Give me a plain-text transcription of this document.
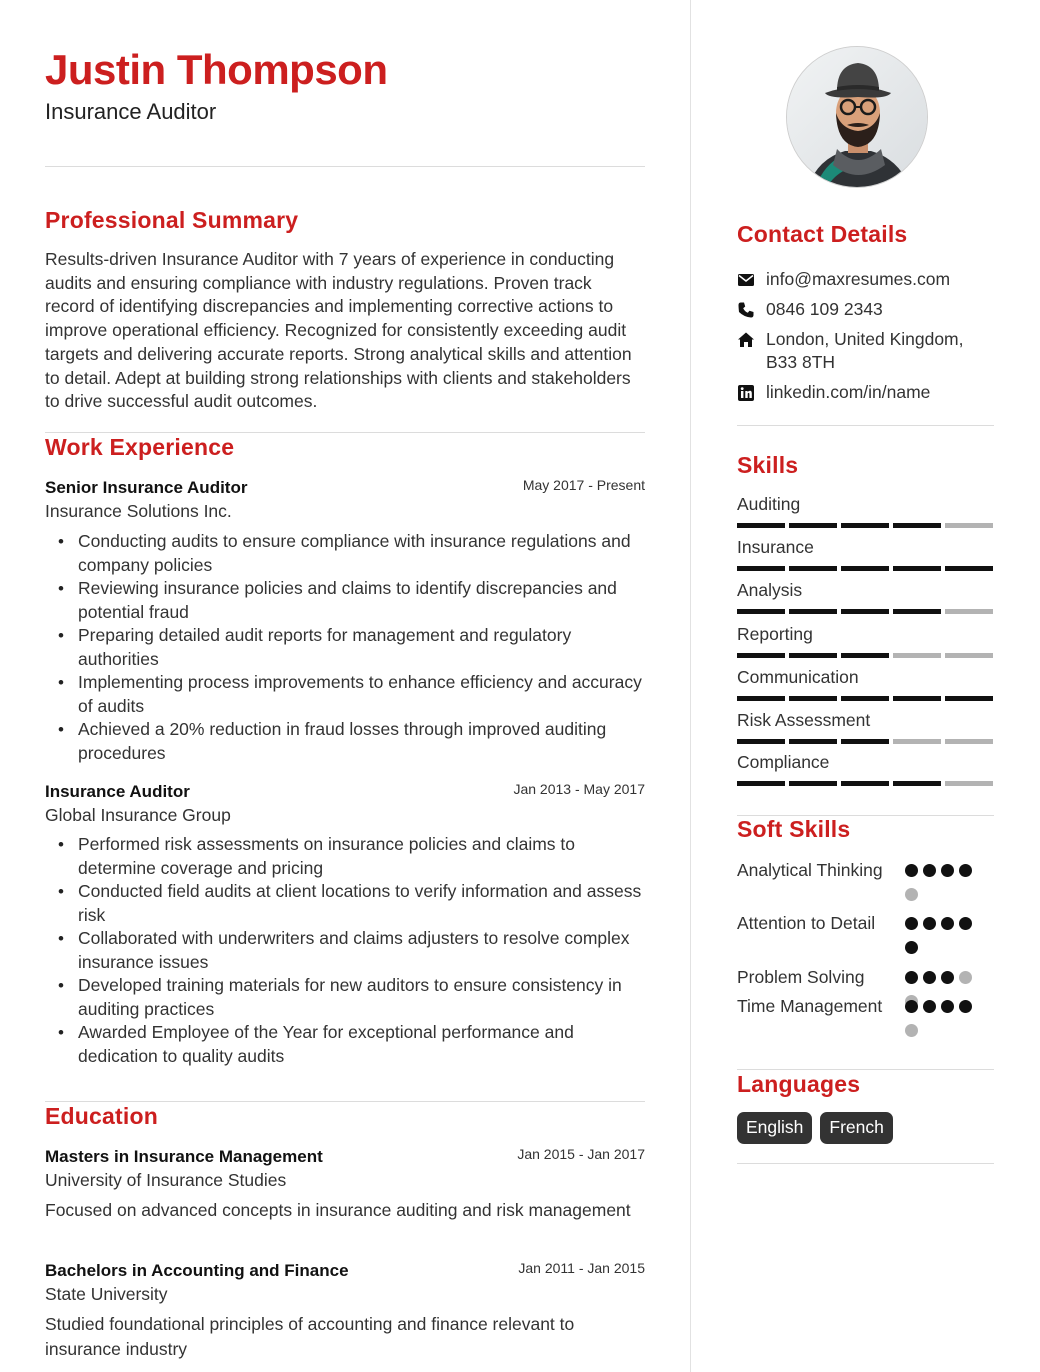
Justin Thompson
Insurance Auditor
Professional Summary
Results-driven Insurance Auditor with 7 years of experience in conducting audits and ensuring compliance with industry regulations. Proven track record of identifying discrepancies and implementing corrective actions to improve operational efficiency. Recognized for consistently exceeding audit targets and delivering accurate reports. Strong analytical skills and attention to detail. Adept at building strong relationships with clients and stakeholders to drive successful audit outcomes.
Work Experience
Senior Insurance Auditor	May 2017 - Present
Insurance Solutions Inc.
• Conducting audits to ensure compliance with insurance regulations and company policies
• Reviewing insurance policies and claims to identify discrepancies and potential fraud
• Preparing detailed audit reports for management and regulatory authorities
• Implementing process improvements to enhance efficiency and accuracy of audits
• Achieved a 20% reduction in fraud losses through improved auditing procedures
Insurance Auditor	Jan 2013 - May 2017
Global Insurance Group
• Performed risk assessments on insurance policies and claims to determine coverage and pricing
• Conducted field audits at client locations to verify information and assess risk
• Collaborated with underwriters and claims adjusters to resolve complex insurance issues
• Developed training materials for new auditors to ensure consistency in auditing practices
• Awarded Employee of the Year for exceptional performance and dedication to quality audits
Education
Masters in Insurance Management	Jan 2015 - Jan 2017
University of Insurance Studies
Focused on advanced concepts in insurance auditing and risk management
Bachelors in Accounting and Finance	Jan 2011 - Jan 2015
State University
Studied foundational principles of accounting and finance relevant to insurance industry
Contact Details
info@maxresumes.com
0846 109 2343
London, United Kingdom, B33 8TH
linkedin.com/in/name
Skills
Auditing
Insurance
Analysis
Reporting
Communication
Risk Assessment
Compliance
Soft Skills
Analytical Thinking
Attention to Detail
Problem Solving
Time Management
Languages
English	French
